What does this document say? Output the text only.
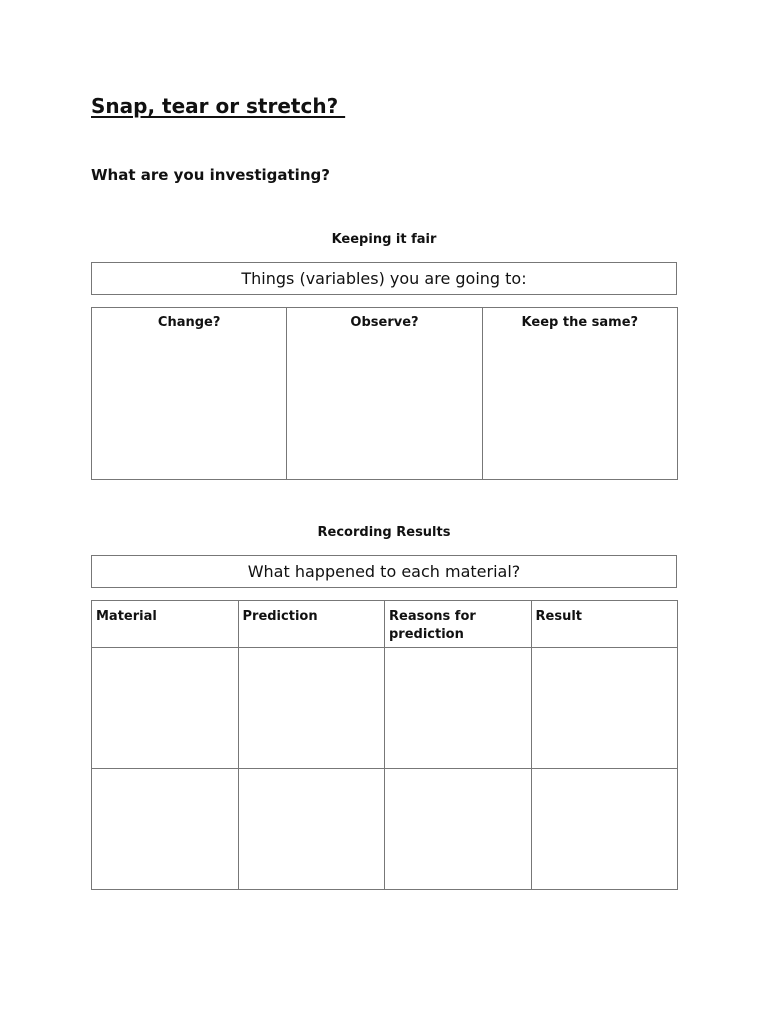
Snap, tear or stretch?

What are you investigating?

Keeping it fair

Things (variables) you are going to:
Change?	Observe?	Keep the same?

Recording Results

What happened to each material?
Material	Prediction	Reasons for prediction	Result
